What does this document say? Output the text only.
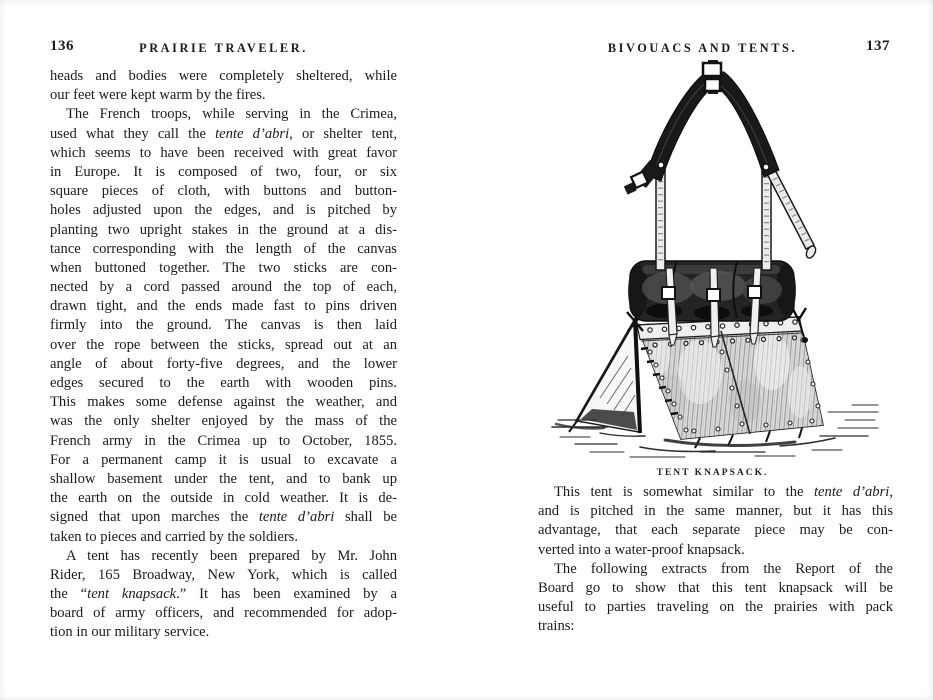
136	PRAIRIE TRAVELER.
heads and bodies were completely sheltered, while
our feet were kept warm by the fires.
The French troops, while serving in the Crimea,
used what they call the tente d’abri, or shelter tent,
which seems to have been received with great favor
in Europe. It is composed of two, four, or six
square pieces of cloth, with buttons and button-
holes adjusted upon the edges, and is pitched by
planting two upright stakes in the ground at a dis-
tance corresponding with the length of the canvas
when buttoned together. The two sticks are con-
nected by a cord passed around the top of each,
drawn tight, and the ends made fast to pins driven
firmly into the ground. The canvas is then laid
over the rope between the sticks, spread out at an
angle of about forty-five degrees, and the lower
edges secured to the earth with wooden pins.
This makes some defense against the weather, and
was the only shelter enjoyed by the mass of the
French army in the Crimea up to October, 1855.
For a permanent camp it is usual to excavate a
shallow basement under the tent, and to bank up
the earth on the outside in cold weather. It is de-
signed that upon marches the tente d’abri shall be
taken to pieces and carried by the soldiers.
A tent has recently been prepared by Mr. John
Rider, 165 Broadway, New York, which is called
the “tent knapsack.” It has been examined by a
board of army officers, and recommended for adop-
tion in our military service.
BIVOUACS AND TENTS.	137
TENT KNAPSACK.
This tent is somewhat similar to the tente d’abri,
and is pitched in the same manner, but it has this
advantage, that each separate piece may be con-
verted into a water-proof knapsack.
The following extracts from the Report of the
Board go to show that this tent knapsack will be
useful to parties traveling on the prairies with pack
trains:
